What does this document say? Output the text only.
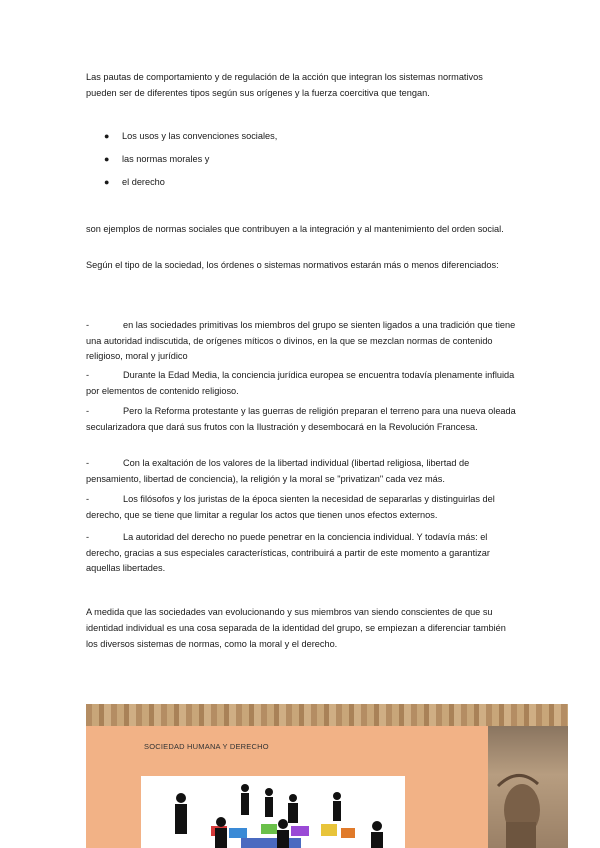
Las pautas de comportamiento y de regulación de la acción que integran los sistemas normativos pueden ser de diferentes tipos según sus orígenes y la fuerza coercitiva que tengan.

● Los usos y las convenciones sociales,
● las normas morales y
● el derecho

son ejemplos de normas sociales que contribuyen a la integración y al mantenimiento del orden social.

Según el tipo de la sociedad, los órdenes o sistemas normativos estarán más o menos diferenciados:

-	en las sociedades primitivas los miembros del grupo se sienten ligados a una tradición que tiene una autoridad indiscutida, de orígenes míticos o divinos, en la que se mezclan normas de contenido religioso, moral y jurídico

-	Durante la Edad Media, la conciencia jurídica europea se encuentra todavía plenamente influida por elementos de contenido religioso.

-	Pero la Reforma protestante y las guerras de religión preparan el terreno para una nueva oleada secularizadora que dará sus frutos con la Ilustración y desembocará en la Revolución Francesa.

-	Con la exaltación de los valores de la libertad individual (libertad religiosa, libertad de pensamiento, libertad de conciencia), la religión y la moral se "privatizan" cada vez más.

-	Los filósofos y los juristas de la época sienten la necesidad de separarlas y distinguirlas del derecho, que se tiene que limitar a regular los actos que tienen unos efectos externos.

-	La autoridad del derecho no puede penetrar en la conciencia individual. Y todavía más: el derecho, gracias a sus especiales características, contribuirá a partir de este momento a garantizar aquellas libertades.

A medida que las sociedades van evolucionando y sus miembros van siendo conscientes de que su identidad individual es una cosa separada de la identidad del grupo, se empiezan a diferenciar también los diversos sistemas de normas, como la moral y el derecho.

SOCIEDAD HUMANA Y DERECHO
